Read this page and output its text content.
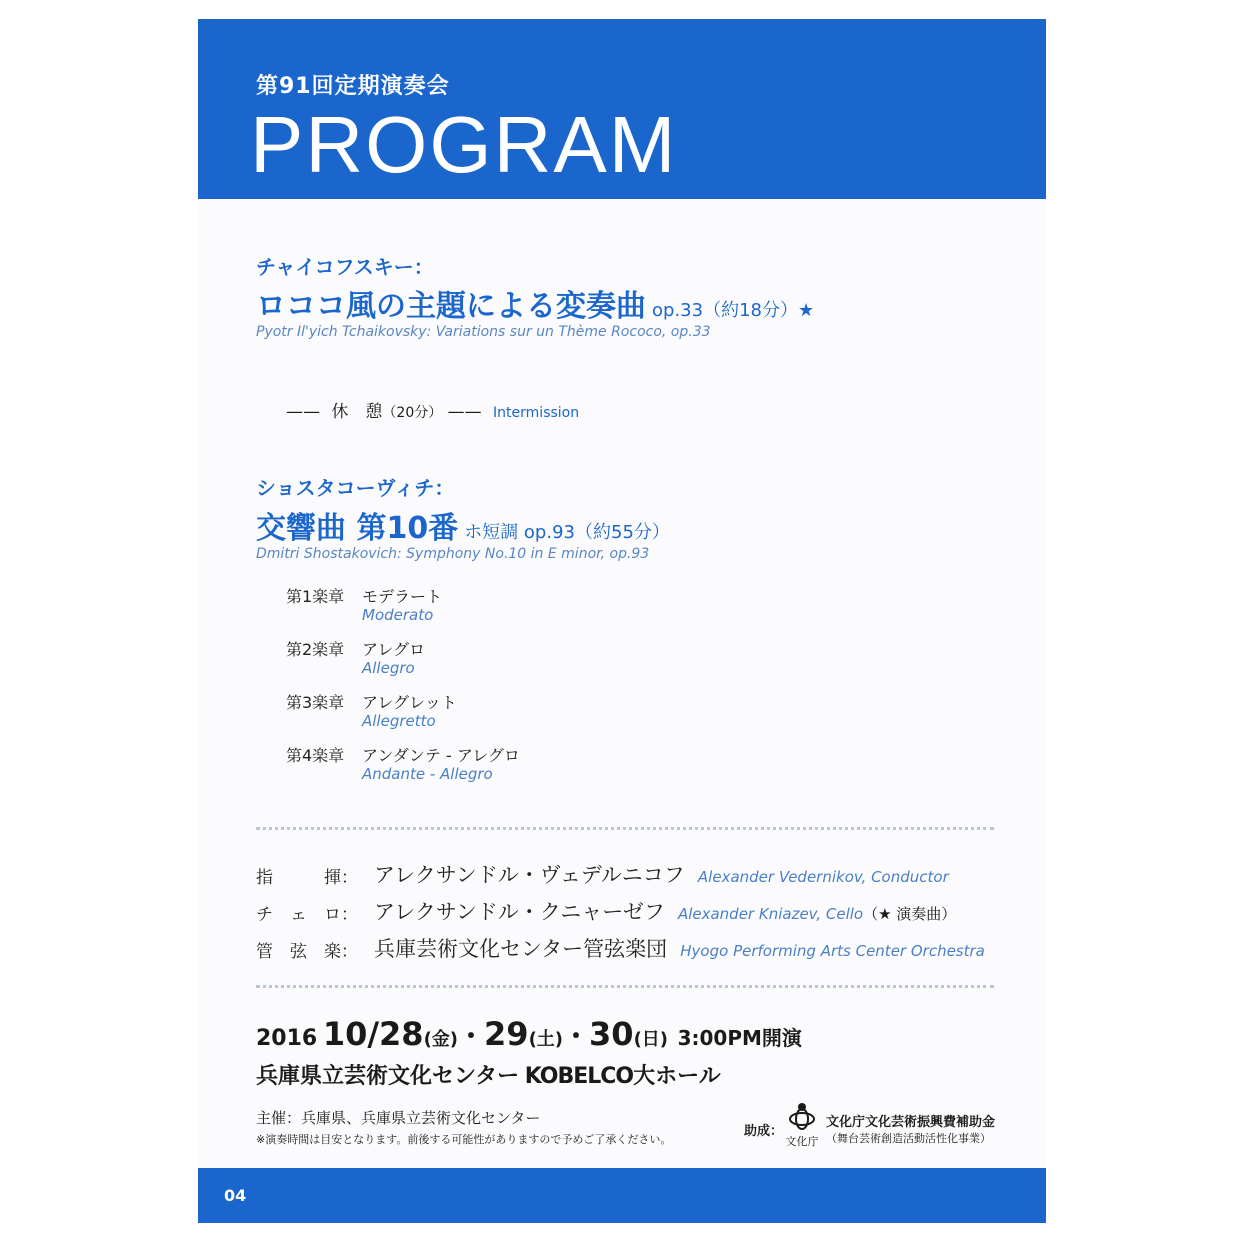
第91回定期演奏会
PROGRAM
チャイコフスキー：
ロココ風の主題による変奏曲 op.33（約18分）★
Pyotr Il'yich Tchaikovsky: Variations sur un Thème Rococo, op.33
—— 休　憩（20分） —— Intermission
ショスタコーヴィチ：
交響曲 第10番 ホ短調 op.93（約55分）
Dmitri Shostakovich: Symphony No.10 in E minor, op.93
第1楽章 モデラート
Moderato
第2楽章 アレグロ
Allegro
第3楽章 アレグレット
Allegretto
第4楽章 アンダンテ - アレグロ
Andante - Allegro
指　　　揮： アレクサンドル・ヴェデルニコフ Alexander Vedernikov, Conductor
チ　ェ　ロ： アレクサンドル・クニャーゼフ Alexander Kniazev, Cello（★ 演奏曲）
管　弦　楽： 兵庫芸術文化センター管弦楽団 Hyogo Performing Arts Center Orchestra
2016 10/28(金)・29(土)・30(日) 3:00PM開演
兵庫県立芸術文化センター KOBELCO大ホール
主催：兵庫県、兵庫県立芸術文化センター
※演奏時間は目安となります。前後する可能性がありますので予めご了承ください。
助成：
文化庁
文化庁文化芸術振興費補助金
（舞台芸術創造活動活性化事業）
04
